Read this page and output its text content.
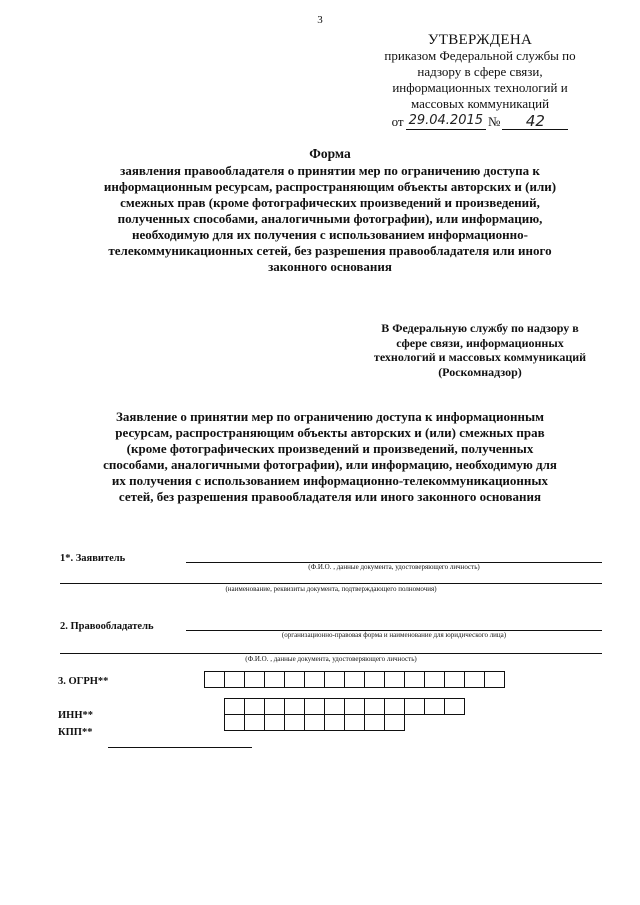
3
УТВЕРЖДЕНА
приказом Федеральной службы по
надзору в сфере связи,
информационных технологий и
массовых коммуникаций
от 29.04.2015 №	42
Форма
заявления правообладателя о принятии мер по ограничению доступа к
информационным ресурсам, распространяющим объекты авторских и (или)
смежных прав (кроме фотографических произведений и произведений,
полученных способами, аналогичными фотографии), или информацию,
необходимую для их получения с использованием информационно-
телекоммуникационных сетей, без разрешения правообладателя или иного
законного основания
В Федеральную службу по надзору в
сфере связи, информационных
технологий и массовых коммуникаций
(Роскомнадзор)
Заявление о принятии мер по ограничению доступа к информационным
ресурсам, распространяющим объекты авторских и (или) смежных прав
(кроме фотографических произведений и произведений, полученных
способами, аналогичными фотографии), или информацию, необходимую для
их получения с использованием информационно-телекоммуникационных
сетей, без разрешения правообладателя или иного законного основания
1*. Заявитель
(Ф.И.О. , данные документа, удостоверяющего личность)
(наименование, реквизиты документа, подтверждающего полномочия)
2. Правообладатель
(организационно-правовая форма и наименование для юридического лица)
(Ф.И.О. , данные документа, удостоверяющего личность)
3. ОГРН**
ИНН**
КПП**
